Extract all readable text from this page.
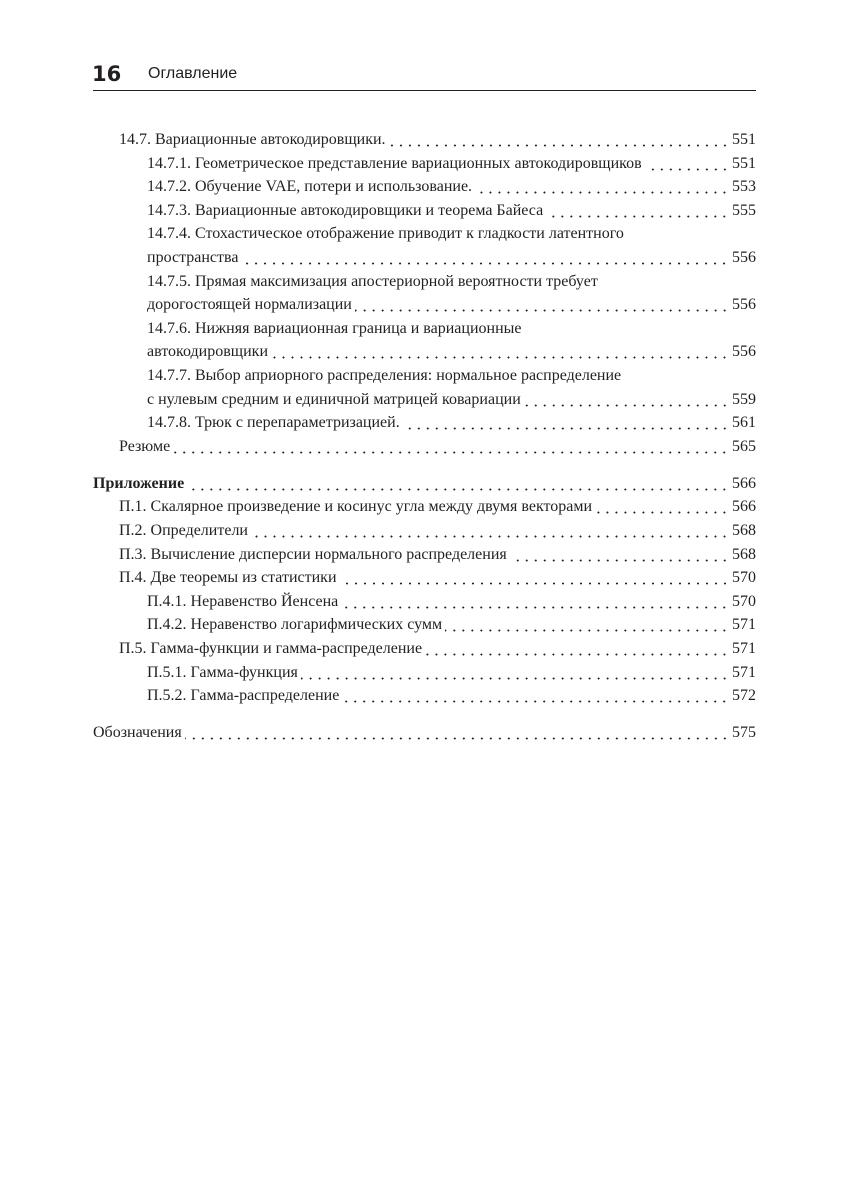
16 Оглавление
14.7. Вариационные автокодировщики.	551
14.7.1. Геометрическое представление вариационных автокодировщиков	551
14.7.2. Обучение VAE, потери и использование.	553
14.7.3. Вариационные автокодировщики и теорема Байеса	555
14.7.4. Стохастическое отображение приводит к гладкости латентного
пространства	556
14.7.5. Прямая максимизация апостериорной вероятности требует
дорогостоящей нормализации	556
14.7.6. Нижняя вариационная граница и вариационные
автокодировщики	556
14.7.7. Выбор априорного распределения: нормальное распределение
с нулевым средним и единичной матрицей ковариации	559
14.7.8. Трюк с перепараметризацией.	561
Резюме	565
Приложение	566
П.1. Скалярное произведение и косинус угла между двумя векторами	566
П.2. Определители	568
П.3. Вычисление дисперсии нормального распределения	568
П.4. Две теоремы из статистики	570
П.4.1. Неравенство Йенсена	570
П.4.2. Неравенство логарифмических сумм	571
П.5. Гамма-функции и гамма-распределение	571
П.5.1. Гамма-функция	571
П.5.2. Гамма-распределение	572
Обозначения	575
